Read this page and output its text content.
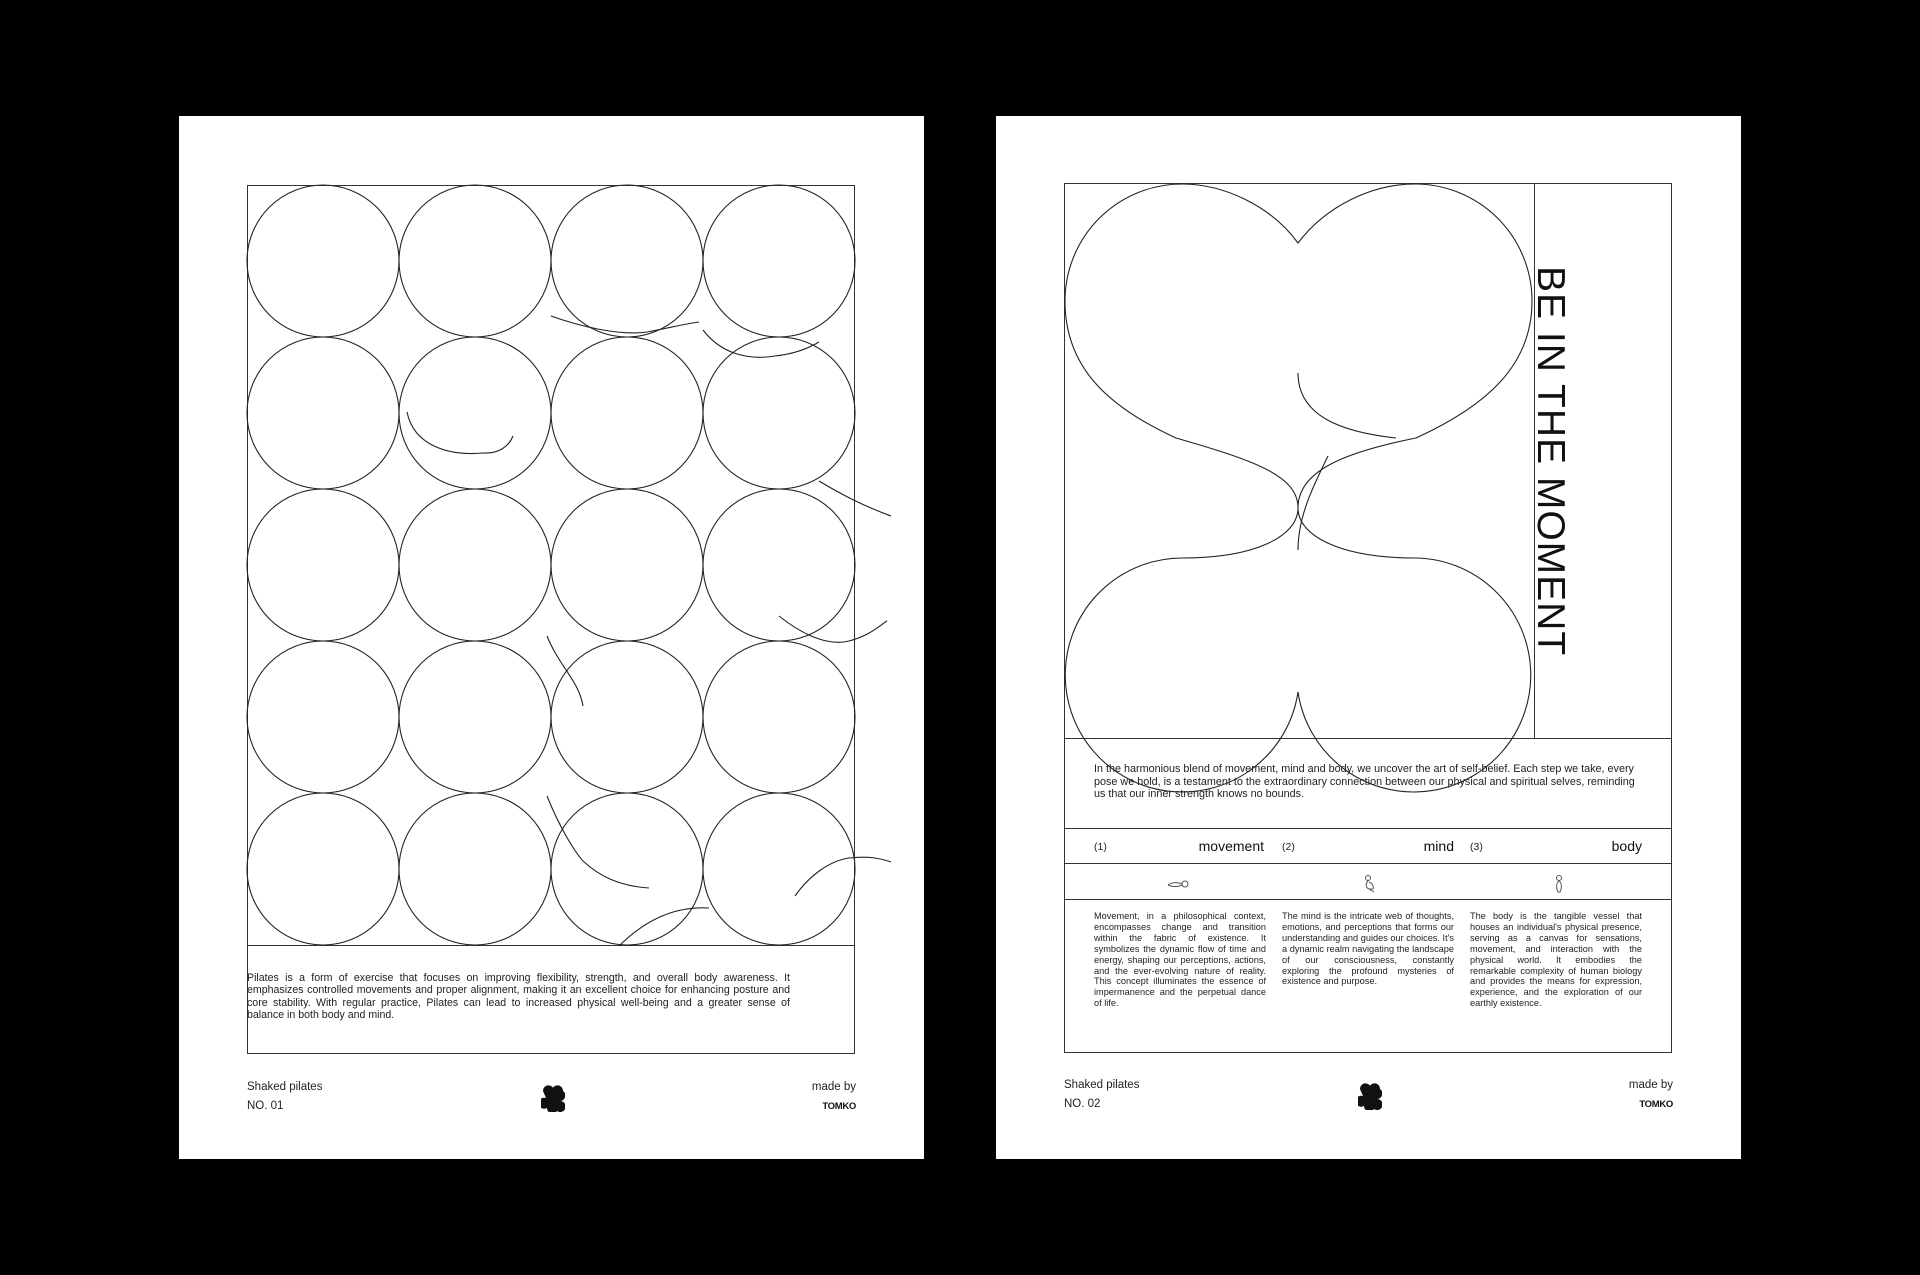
Pilates is a form of exercise that focuses on improving flexibility, strength, and overall body awareness. It emphasizes controlled movements and proper alignment, making it an excellent choice for enhancing posture and core stability. With regular practice, Pilates can lead to increased physical well-being and a greater sense of balance in both body and mind.
Shaked pilates
NO. 01
made by
TOMKO
BE IN THE MOMENT
In the harmonious blend of movement, mind and body, we uncover the art of self-belief. Each step we take, every pose we hold, is a testament to the extraordinary connection between our physical and spiritual selves, reminding us that our inner strength knows no bounds.
(1)	movement (2)	mind (3)	body
Movement, in a philosophical context, encompasses change and transition within the fabric of existence. It symbolizes the dynamic flow of time and energy, shaping our perceptions, actions, and the ever-evolving nature of reality. This concept illuminates the essence of impermanence and the perpetual dance of life.
The mind is the intricate web of thoughts, emotions, and perceptions that forms our understanding and guides our choices. It's a dynamic realm navigating the landscape of our consciousness, constantly exploring the profound mysteries of existence and purpose.
The body is the tangible vessel that houses an individual's physical presence, serving as a canvas for sensations, movement, and interaction with the physical world. It embodies the remarkable complexity of human biology and provides the means for expression, experience, and the exploration of our earthly existence.
Shaked pilates
NO. 02
made by
TOMKO
